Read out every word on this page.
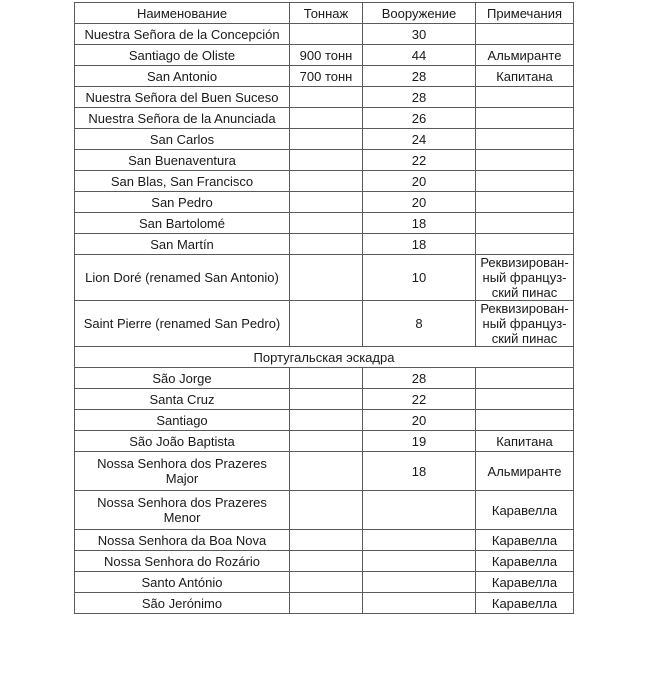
Наименование	Тоннаж	Вооружение	Примечания
Nuestra Señora de la Concepción		30	
Santiago de Oliste	900 тонн	44	Альмиранте
San Antonio	700 тонн	28	Капитана
Nuestra Señora del Buen Suceso		28	
Nuestra Señora de la Anunciada		26	
San Carlos		24	
San Buenaventura		22	
San Blas, San Francisco		20	
San Pedro		20	
San Bartolomé		18	
San Martín		18	
Lion Doré (renamed San Antonio)		10	Реквизирован-
ный француз-
ский пинас
Saint Pierre (renamed San Pedro)		8	Реквизирован-
ный француз-
ский пинас
Португальская эскадра			
São Jorge		28	
Santa Cruz		22	
Santiago		20	
São João Baptista		19	Капитана
Nossa Senhora dos Prazeres
Major		18	Альмиранте
Nossa Senhora dos Prazeres
Menor			Каравелла
Nossa Senhora da Boa Nova			Каравелла
Nossa Senhora do Rozário			Каравелла
Santo António			Каравелла
São Jerónimo			Каравелла
